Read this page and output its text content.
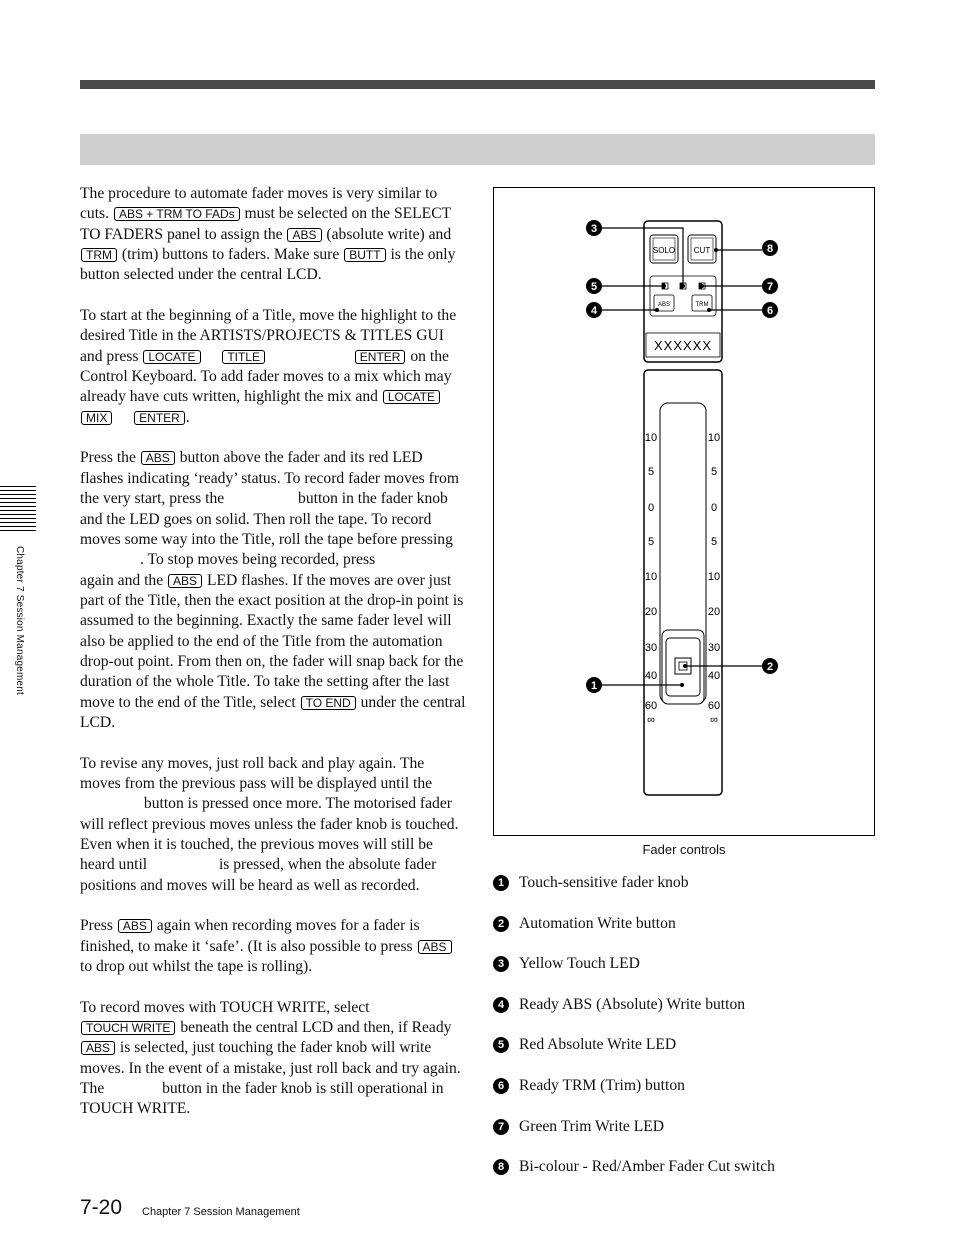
Chapter 7 Session Management

The procedure to automate fader moves is very similar to cuts. ABS + TRM TO FADs must be selected on the SELECT TO FADERS panel to assign the ABS (absolute write) and TRM (trim) buttons to faders. Make sure BUTT is the only button selected under the central LCD.

To start at the beginning of a Title, move the highlight to the desired Title in the ARTISTS/PROJECTS & TITLES GUI and press LOCATE	TITLE	ENTER on the Control Keyboard. To add fader moves to a mix which may already have cuts written, highlight the mix and LOCATE  MIX	ENTER .

Press the ABS button above the fader and its red LED flashes indicating ‘ready’ status. To record fader moves from the very start, press the	button in the fader knob and the LED goes on solid. Then roll the tape. To record moves some way into the Title, roll the tape before pressing . To stop moves being recorded, press  again and the ABS LED flashes. If the moves are over just part of the Title, then the exact position at the drop-in point is assumed to the beginning. Exactly the same fader level will also be applied to the end of the Title from the automation drop-out point. From then on, the fader will snap back for the duration of the whole Title. To take the setting after the last move to the end of the Title, select TO END under the central LCD.

To revise any moves, just roll back and play again. The moves from the previous pass will be displayed until the  button is pressed once more. The motorised fader will reflect previous moves unless the fader knob is touched. Even when it is touched, the previous moves will still be heard until	is pressed, when the absolute fader positions and moves will be heard as well as recorded.

Press ABS again when recording moves for a fader is finished, to make it ‘safe’. (It is also possible to press ABS to drop out whilst the tape is rolling).

To record moves with TOUCH WRITE, select TOUCH WRITE beneath the central LCD and then, if Ready ABS is selected, just touching the fader knob will write moves. In the event of a mistake, just roll back and try again. The	button in the fader knob is still operational in TOUCH WRITE.

SOLO CUT
ABS	TRM
XXXXXX
10
5
0
5
10
20
30
40
60
∞
10
5
0
5
10
20
30
40
60
∞
1
2
3
4
5
6
7
8
Fader controls
1 Touch-sensitive fader knob
2 Automation Write button
3 Yellow Touch LED
4 Ready ABS (Absolute) Write button
5 Red Absolute Write LED
6 Ready TRM (Trim) button
7 Green Trim Write LED
8 Bi-colour - Red/Amber Fader Cut switch
7-20 Chapter 7 Session Management
